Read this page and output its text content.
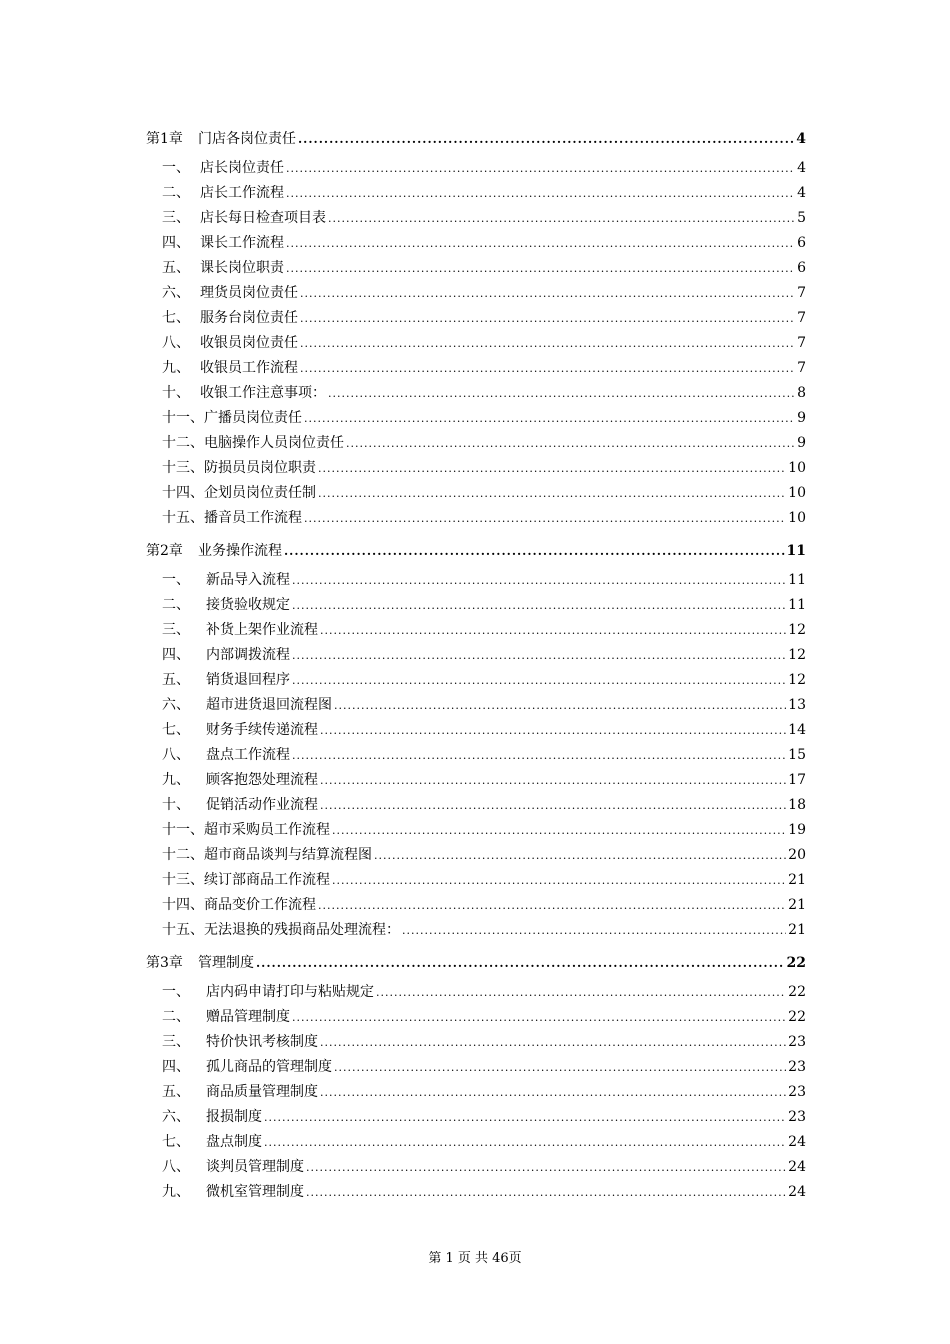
第1章	门店各岗位责任 .....	4
一、 店长岗位责任 .....	4
二、 店长工作流程 .....	4
三、 店长每日检查项目表 .....	5
四、 课长工作流程 .....	6
五、 课长岗位职责 .....	6
六、 理货员岗位责任 .....	7
七、 服务台岗位责任 .....	7
八、 收银员岗位责任 .....	7
九、 收银员工作流程 .....	7
十、 收银工作注意事项： .....	8
十一、 广播员岗位责任 .....	9
十二、 电脑操作人员岗位责任 .....	9
十三、 防损员员岗位职责 .....	10
十四、 企划员岗位责任制 .....	10
十五、 播音员工作流程 .....	10
第2章	业务操作流程 .....	11
一、	新品导入流程 .....	11
二、	接货验收规定 .....	11
三、	补货上架作业流程 .....	12
四、	内部调拨流程 .....	12
五、	销货退回程序 .....	12
六、	超市进货退回流程图 .....	13
七、	财务手续传递流程 .....	14
八、	盘点工作流程 .....	15
九、	顾客抱怨处理流程 .....	17
十、	促销活动作业流程 .....	18
十一、 超市采购员工作流程 .....	19
十二、 超市商品谈判与结算流程图 .....	20
十三、 续订部商品工作流程 .....	21
十四、 商品变价工作流程 .....	21
十五、 无法退换的残损商品处理流程： .....	21
第3章	管理制度 .....	22
一、	店内码申请打印与粘贴规定 .....	22
二、	赠品管理制度 .....	22
三、	特价快讯考核制度 .....	23
四、	孤儿商品的管理制度 .....	23
五、	商品质量管理制度 .....	23
六、	报损制度 .....	23
七、	盘点制度 .....	24
八、	谈判员管理制度 .....	24
九、	微机室管理制度 .....	24
第 1 页 共 46页
